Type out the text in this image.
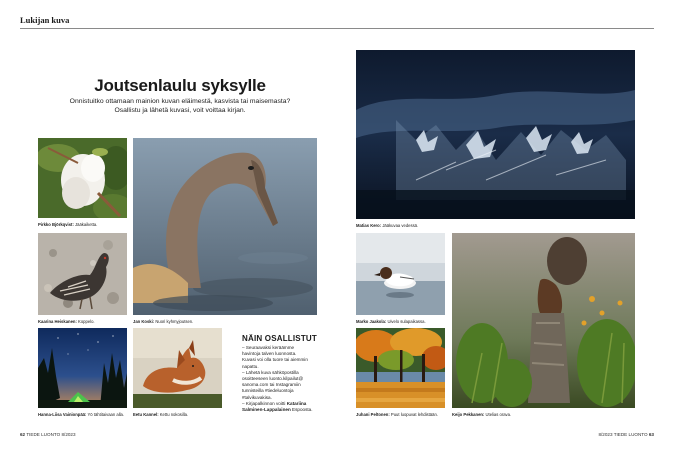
Lukijan kuva
Joutsenlaulu syksylle
Onnistuitko ottamaan mainion kuvan eläimestä, kasvista tai maisemasta?
Osallistu ja lähetä kuvasi, voit voittaa kirjan.
Pirkko Björkqvist: Jääkaiketta.
Jan Koski: Nuori kyhmyjoutsen.
Kaarina Heiskanen: Koppelo.
Hanna-Liisa Vainionpää: Yö tähtitaivaan alla. Eetu Kannel: Kettu nokosilla.
NÄIN OSALLISTUT
– Seuraavaksi keräämme
havintoja talven luonnosta.
Kuvasi voi olla tuore tai aiemmin
napattu.
– Lähetä kuva sähköpostilla
osoitteeseen luonto.kilpailut@
sanoma.com tai Instagramiin
tunnisteilla #tiedeluontoja
#talvikuvakisa.
– Kirjapalkinnon voitti Katariina
Salminen-Lappalainen Espoosta.
Matias Kero: Jääkuvaa vedessä.
Marko Jaakola: Uivelo sulapaikassa.
Juhani Peltonen: Puut luopuvat lehdistään.	Keijo Pekkanen: Utelias orava.
62 TIEDE LUONTO 8/2023	8/2023 TIEDE LUONTO 63
